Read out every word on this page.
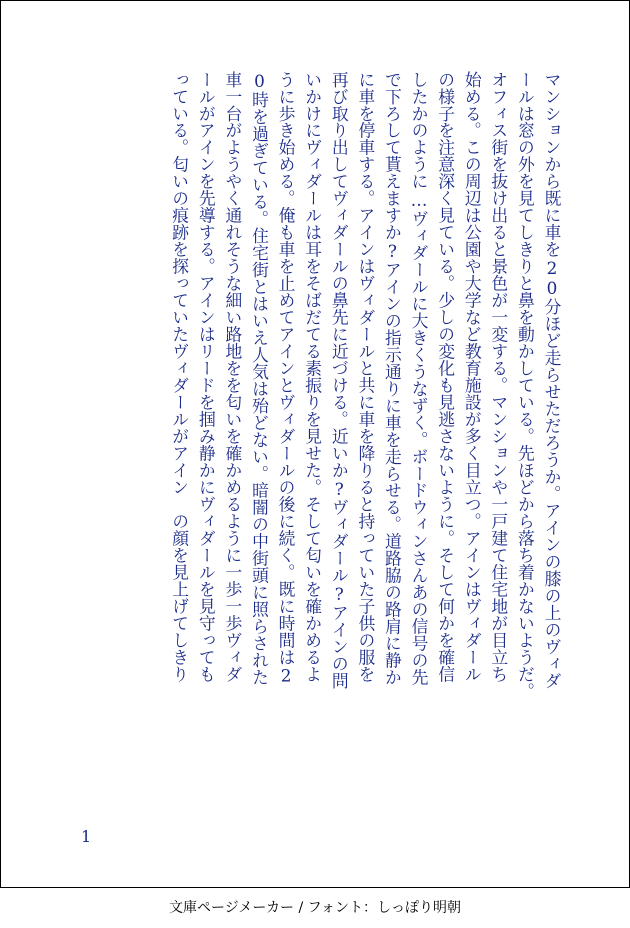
マンションから既に車を20分ほど走らせただろうか。アインの膝の上のヴィダ
ールは窓の外を見てしきりと鼻を動かしている。先ほどから落ち着かないようだ。
オフィス街を抜け出ると景色が一変する。マンションや一戸建て住宅地が目立ち
始める。この周辺は公園や大学など教育施設が多く目立つ。アインはヴィダール
の様子を注意深く見ている。少しの変化も見逃さないように。そして何かを確信
したかのように…ヴィダールに大きくうなずく。ボードウィンさんあの信号の先
で下ろして貰えますか?アインの指示通りに車を走らせる。道路脇の路肩に静か
に車を停車する。アインはヴィダールと共に車を降りると持っていた子供の服を
再び取り出してヴィダールの鼻先に近づける。近いか?ヴィダール?アインの問
いかけにヴィダールは耳をそばだてる素振りを見せた。そして匂いを確かめるよ
うに歩き始める。俺も車を止めてアインとヴィダールの後に続く。既に時間は2
0時を過ぎている。住宅街とはいえ人気は殆どない。暗闇の中街頭に照らされた
車一台がようやく通れそうな細い路地をを匂いを確かめるように一歩一歩ヴィダ
ールがアインを先導する。アインはリードを掴み静かにヴィダールを見守っても
っている。匂いの痕跡を探っていたヴィダールがアイン　の顔を見上げてしきり
1
文庫ページメーカー / フォント：しっぽり明朝
